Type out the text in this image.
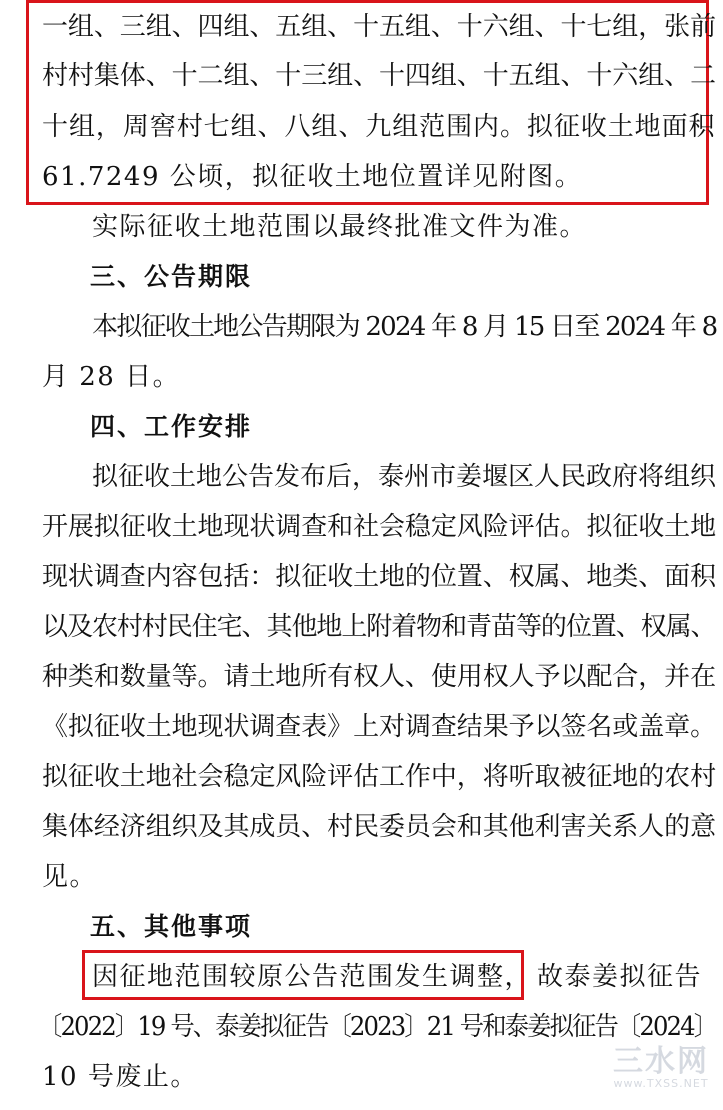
一组、三组、四组、五组、十五组、十六组、十七组，张前
村村集体、十二组、十三组、十四组、十五组、十六组、二
十组，周窖村七组、八组、九组范围内。拟征收土地面积
61.7249 公顷，拟征收土地位置详见附图。
实际征收土地范围以最终批准文件为准。
三、公告期限
本拟征收土地公告期限为 2024 年 8 月 15 日至 2024 年 8
月 28 日。
四、工作安排
拟征收土地公告发布后，泰州市姜堰区人民政府将组织
开展拟征收土地现状调查和社会稳定风险评估。拟征收土地
现状调查内容包括：拟征收土地的位置、权属、地类、面积
以及农村村民住宅、其他地上附着物和青苗等的位置、权属、
种类和数量等。请土地所有权人、使用权人予以配合，并在
《拟征收土地现状调查表》上对调查结果予以签名或盖章。
拟征收土地社会稳定风险评估工作中，将听取被征地的农村
集体经济组织及其成员、村民委员会和其他利害关系人的意
见。
五、其他事项
因征地范围较原公告范围发生调整， 故泰姜拟征告
〔2022〕19 号、泰姜拟征告〔2023〕21 号和泰姜拟征告〔2024〕
10 号废止。	三水网
www.TXSS.NET
